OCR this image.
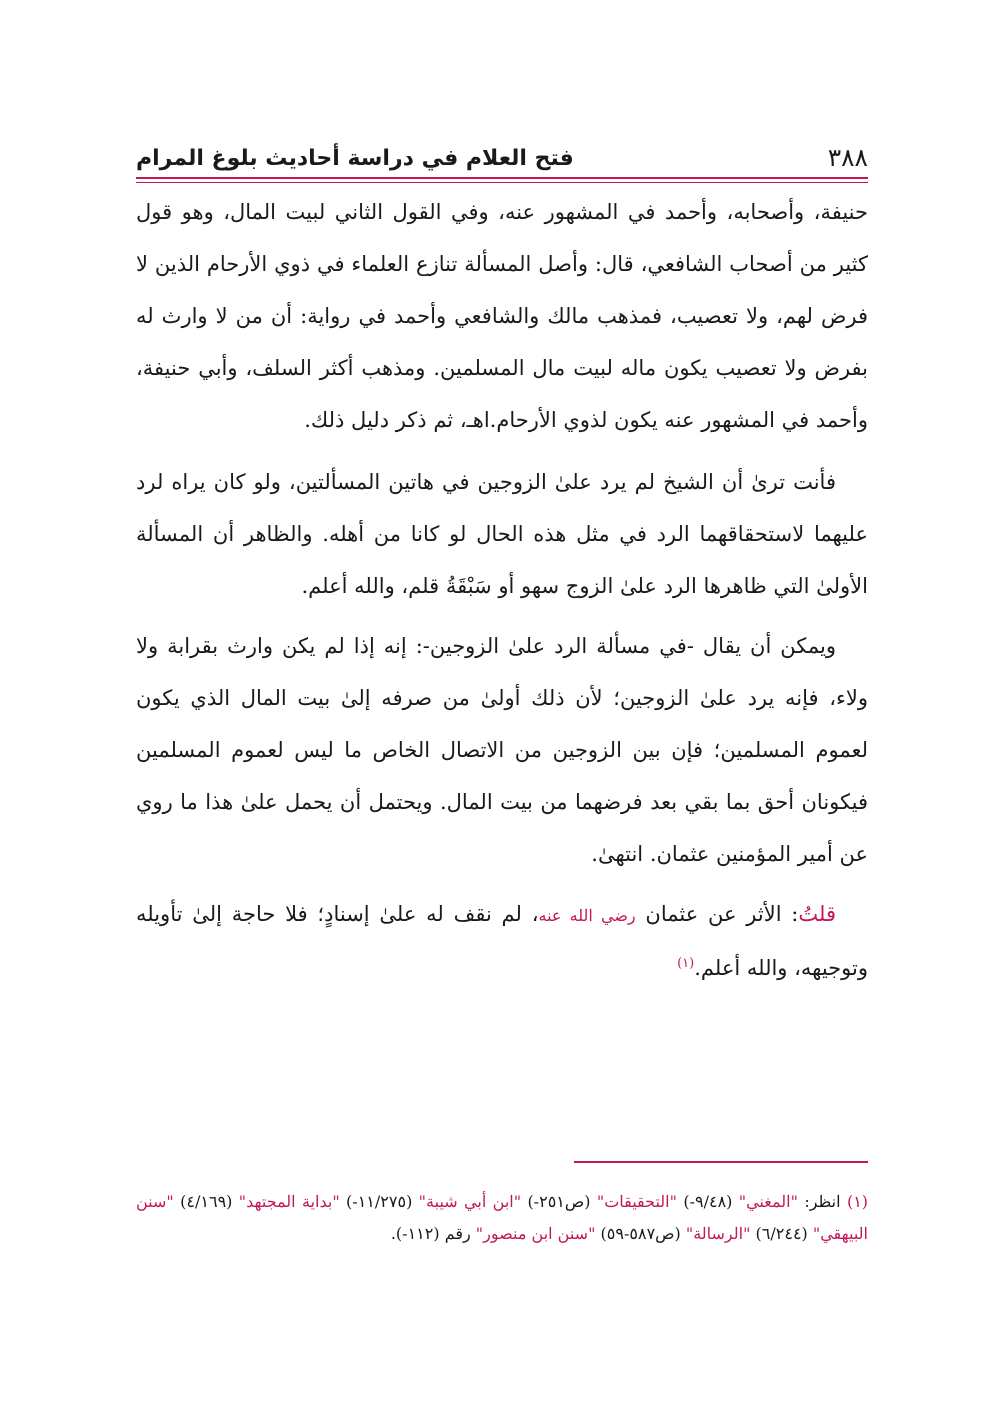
٣٨٨
فتح العلام في دراسة أحاديث بلوغ المرام

حنيفة، وأصحابه، وأحمد في المشهور عنه، وفي القول الثاني لبيت المال، وهو قول كثير من أصحاب الشافعي، قال: وأصل المسألة تنازع العلماء في ذوي الأرحام الذين لا فرض لهم، ولا تعصيب، فمذهب مالك والشافعي وأحمد في رواية: أن من لا وارث له بفرض ولا تعصيب يكون ماله لبيت مال المسلمين. ومذهب أكثر السلف، وأبي حنيفة، وأحمد في المشهور عنه يكون لذوي الأرحام.اهـ، ثم ذكر دليل ذلك.

فأنت ترىٰ أن الشيخ لم يرد علىٰ الزوجين في هاتين المسألتين، ولو كان يراه لرد عليهما لاستحقاقهما الرد في مثل هذه الحال لو كانا من أهله. والظاهر أن المسألة الأولىٰ التي ظاهرها الرد علىٰ الزوج سهو أو سَبْقَةُ قلم، والله أعلم.

ويمكن أن يقال -في مسألة الرد علىٰ الزوجين-: إنه إذا لم يكن وارث بقرابة ولا ولاء، فإنه يرد علىٰ الزوجين؛ لأن ذلك أولىٰ من صرفه إلىٰ بيت المال الذي يكون لعموم المسلمين؛ فإن بين الزوجين من الاتصال الخاص ما ليس لعموم المسلمين فيكونان أحق بما بقي بعد فرضهما من بيت المال. ويحتمل أن يحمل علىٰ هذا ما روي عن أمير المؤمنين عثمان. انتهىٰ.

قلتُ: الأثر عن عثمان رضي الله عنه، لم نقف له علىٰ إسنادٍ؛ فلا حاجة إلىٰ تأويله وتوجيهه، والله أعلم.$^{(١)}$

(١) انظر: "المغني" (٩/٤٨-) "التحقيقات" (ص٢٥١-) "ابن أبي شيبة" (١١/٢٧٥-) "بداية المجتهد" (٤/١٦٩) "سنن البيهقي" (٦/٢٤٤) "الرسالة" (ص٥٨٧-٥٩) "سنن ابن منصور" رقم (١١٢-).
